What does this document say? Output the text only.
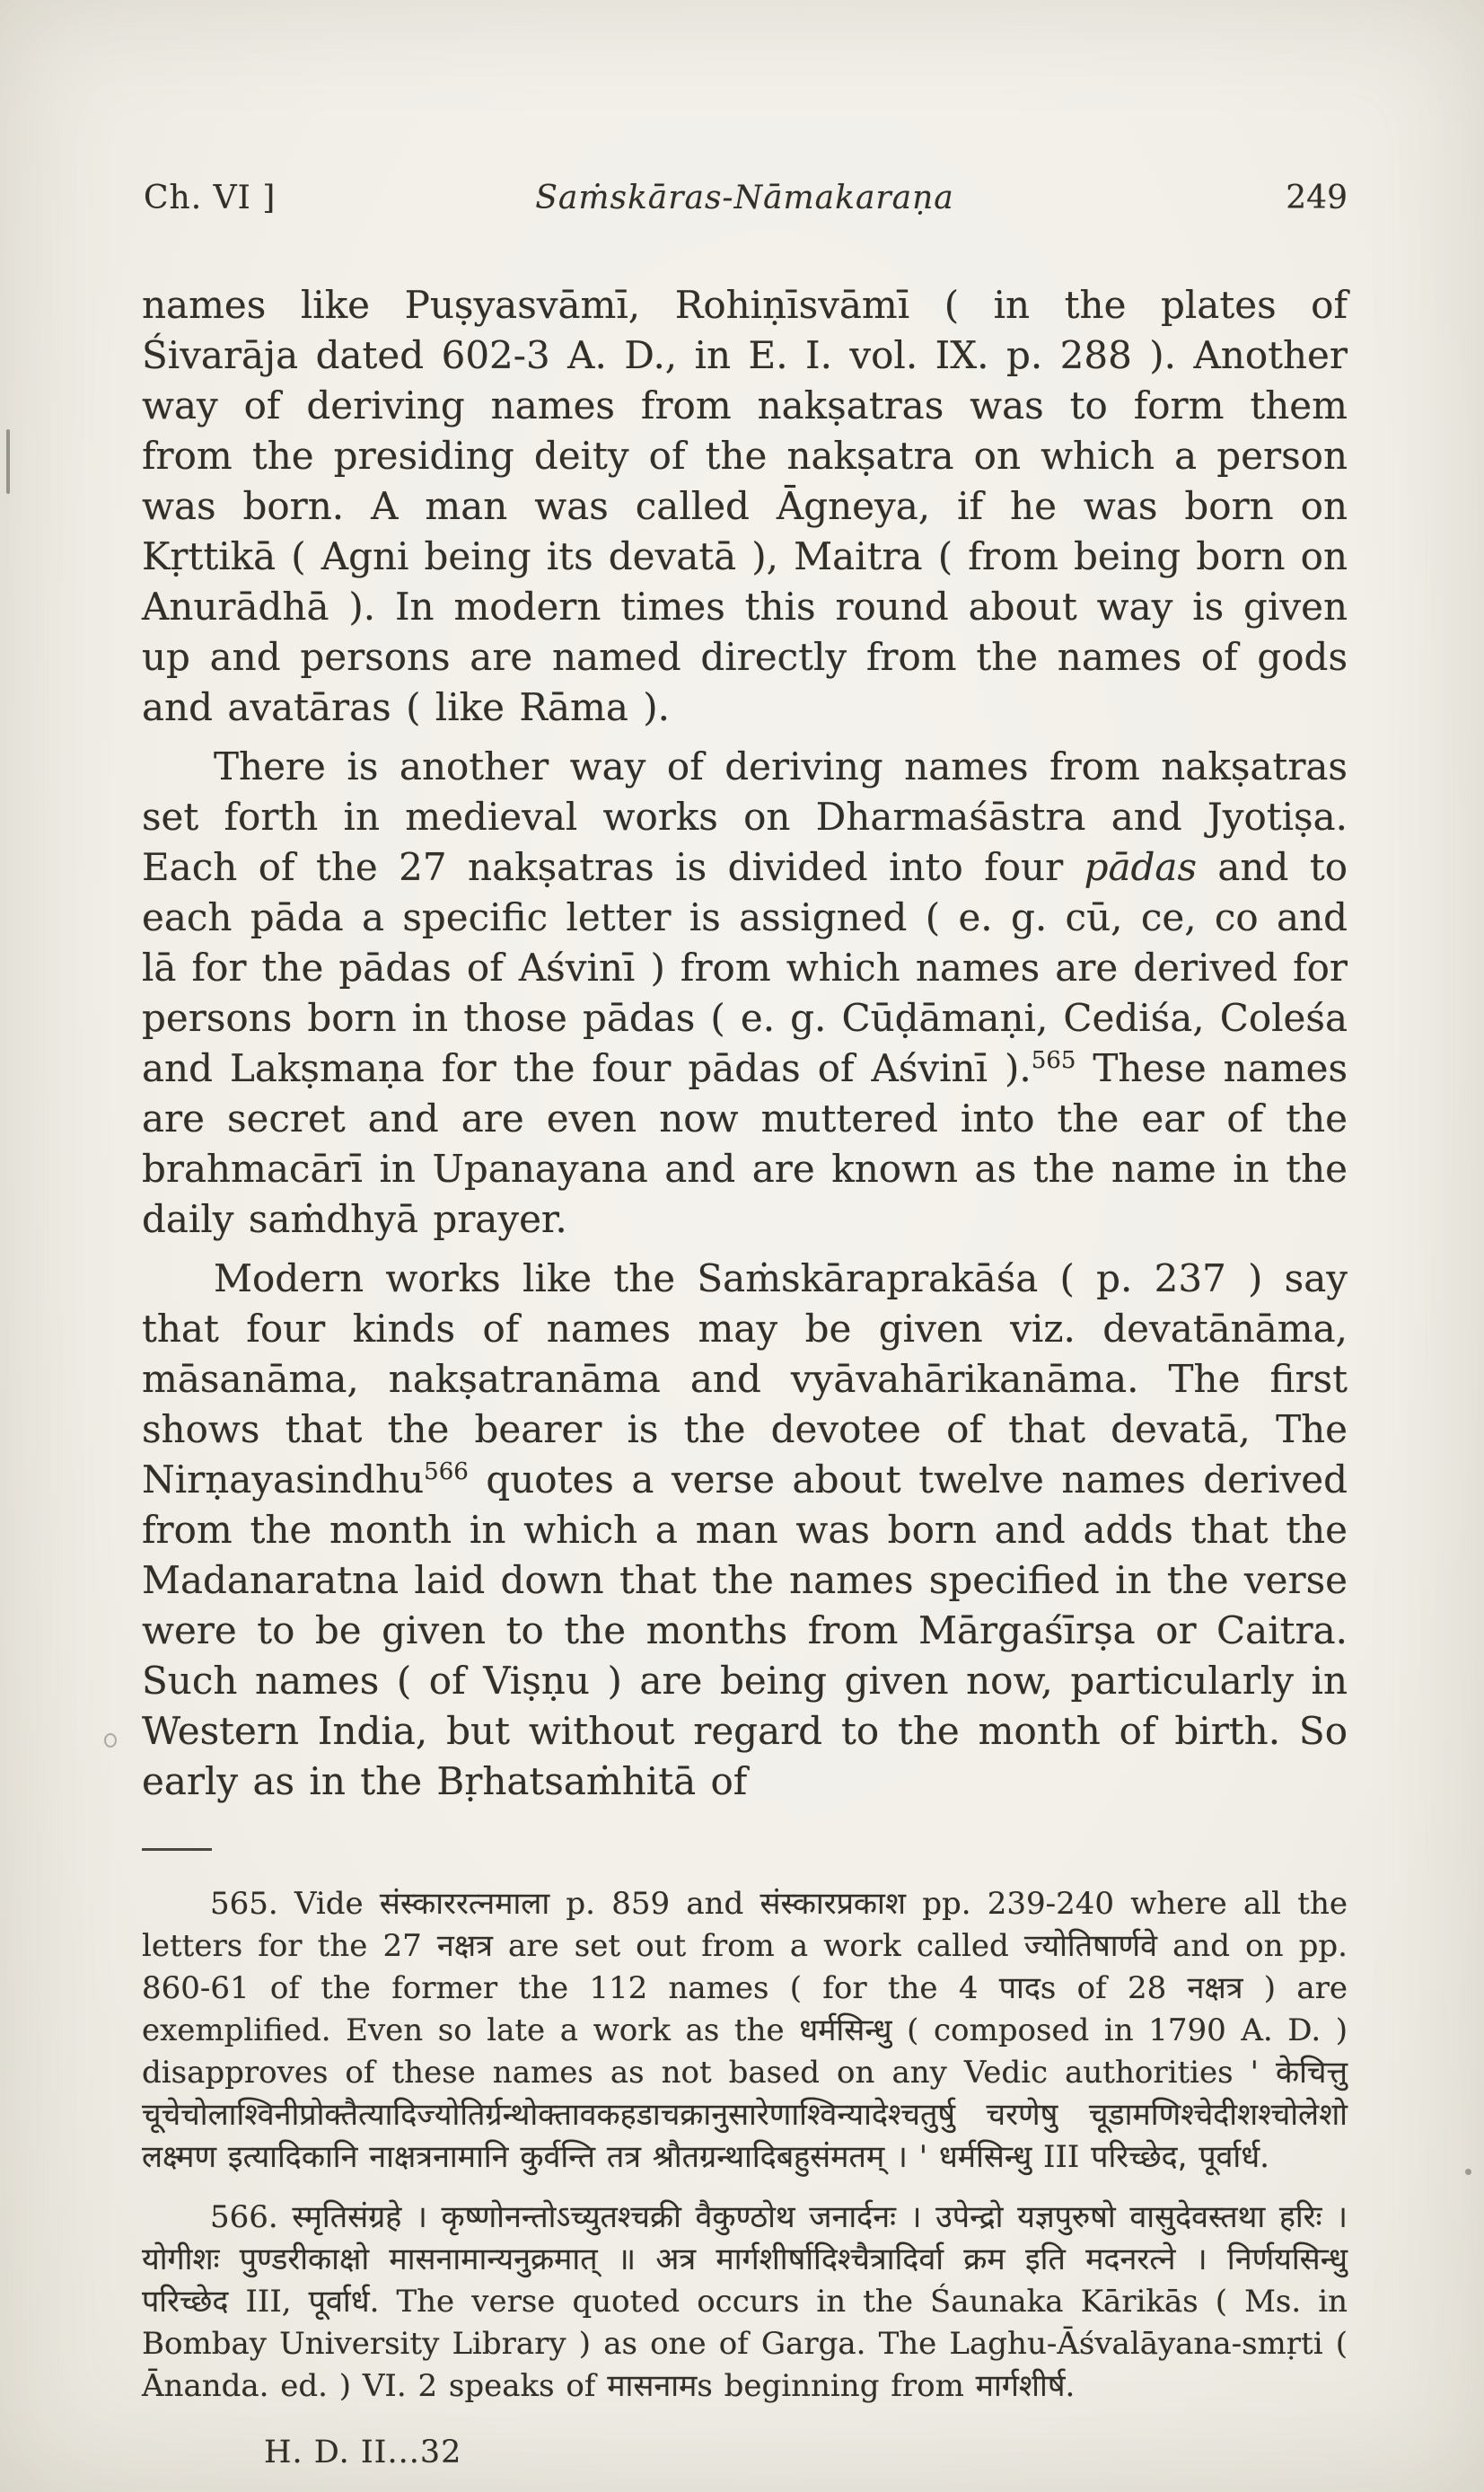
Ch. VI ]	Saṁskāras-Nāmakaraṇa	249

names like Puṣyasvāmī, Rohiṇīsvāmī ( in the plates of Śivarāja dated 602-3 A. D., in E. I. vol. IX. p. 288 ). Another way of deriving names from nakṣatras was to form them from the presiding deity of the nakṣatra on which a person was born. A man was called Āgneya, if he was born on Kṛttikā ( Agni being its devatā ), Maitra ( from being born on Anurādhā ). In modern times this round about way is given up and persons are named directly from the names of gods and avatāras ( like Rāma ).

There is another way of deriving names from nakṣatras set forth in medieval works on Dharmaśāstra and Jyotiṣa. Each of the 27 nakṣatras is divided into four pādas and to each pāda a specific letter is assigned ( e. g. cū, ce, co and lā for the pādas of Aśvinī ) from which names are derived for persons born in those pādas ( e. g. Cūḍāmaṇi, Cediśa, Coleśa and Lakṣmaṇa for the four pādas of Aśvinī ).$^{565}$ These names are secret and are even now muttered into the ear of the brahmacārī in Upanayana and are known as the name in the daily saṁdhyā prayer.

Modern works like the Saṁskāraprakāśa ( p. 237 ) say that four kinds of names may be given viz. devatānāma, māsanāma, nakṣatranāma and vyāvahārikanāma. The first shows that the bearer is the devotee of that devatā, The Nirṇayasindhu$^{566}$ quotes a verse about twelve names derived from the month in which a man was born and adds that the Madanaratna laid down that the names specified in the verse were to be given to the months from Mārgaśīrṣa or Caitra. Such names ( of Viṣṇu ) are being given now, particularly in Western India, but without regard to the month of birth. So early as in the Bṛhatsaṁhitā of

565. Vide संस्काररत्नमाला p. 859 and संस्कारप्रकाश pp. 239-240 where all the letters for the 27 नक्षत्र are set out from a work called ज्योतिषार्णवे and on pp. 860-61 of the former the 112 names ( for the 4 पादs of 28 नक्षत्र ) are exemplified. Even so late a work as the धर्मसिन्धु ( composed in 1790 A. D. ) disapproves of these names as not based on any Vedic authorities ' केचित्तु चूचेचोलाश्विनीप्रोक्तैत्यादिज्योतिर्ग्रन्थोक्तावकहडाचक्रानुसारेणाश्विन्यादेश्चतुर्षु चरणेषु चूडामणिश्चेदीशश्चोलेशो लक्ष्मण इत्यादिकानि नाक्षत्रनामानि कुर्वन्ति तत्र श्रौतग्रन्थादिबहुसंमतम् । ' धर्मसिन्धु III परिच्छेद, पूर्वार्ध.

566. स्मृतिसंग्रहे । कृष्णोनन्तोऽच्युतश्चक्री वैकुण्ठोथ जनार्दनः । उपेन्द्रो यज्ञपुरुषो वासुदेवस्तथा हरिः । योगीशः पुण्डरीकाक्षो मासनामान्यनुक्रमात् ॥ अत्र मार्गशीर्षादिश्चैत्रादिर्वा क्रम इति मदनरत्ने । निर्णयसिन्धु परिच्छेद III, पूर्वार्ध. The verse quoted occurs in the Śaunaka Kārikās ( Ms. in Bombay University Library ) as one of Garga. The Laghu-Āśvalāyana-smṛti ( Ānanda. ed. ) VI. 2 speaks of मासनामs beginning from मार्गशीर्ष.

H. D. II...32
